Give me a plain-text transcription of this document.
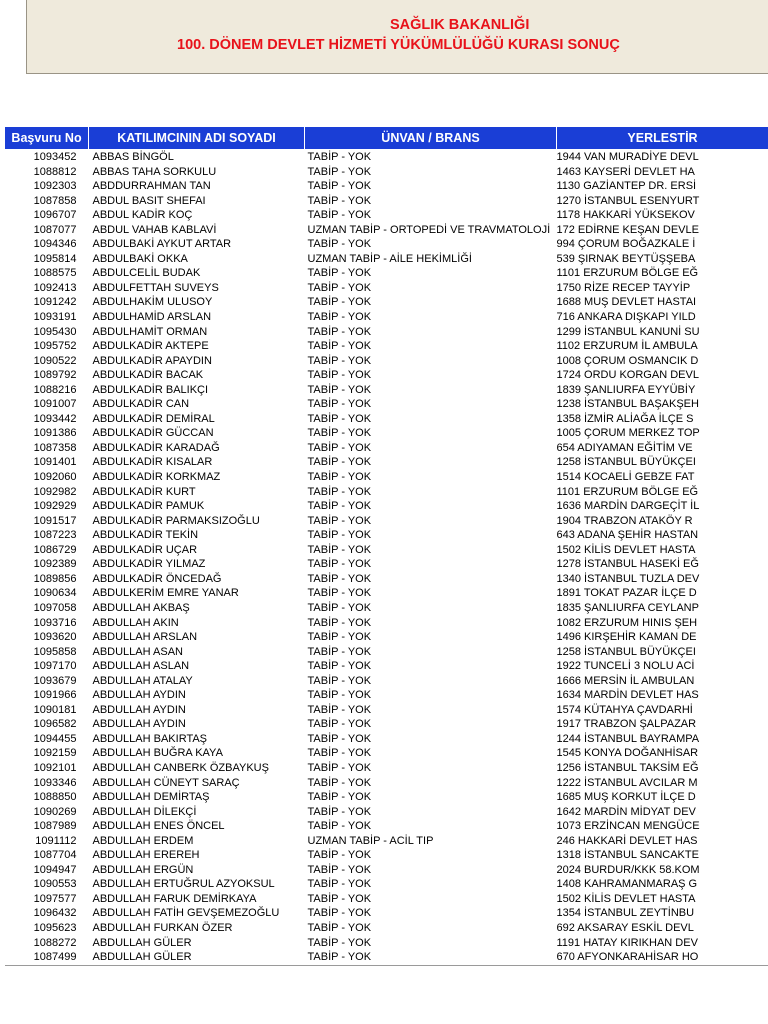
SAĞLIK BAKANLIĞI
100. DÖNEM DEVLET HİZMETİ YÜKÜMLÜLÜĞÜ KURASI SONUÇ
Başvuru No	KATILIMCININ ADI SOYADI	ÜNVAN / BRANS	YERLESTİR
1093452	ABBAS BİNGÖL	TABİP - YOK	1944 VAN MURADİYE DEVL
1088812	ABBAS TAHA SORKULU	TABİP - YOK	1463 KAYSERİ DEVLET HA
1092303	ABDDURRAHMAN TAN	TABİP - YOK	1130 GAZİANTEP DR. ERSİ
1087858	ABDUL BASIT SHEFAI	TABİP - YOK	1270 İSTANBUL ESENYURT
1096707	ABDUL KADİR KOÇ	TABİP - YOK	1178 HAKKARİ YÜKSEKOV
1087077	ABDUL VAHAB KABLAVİ	UZMAN TABİP - ORTOPEDİ VE TRAVMATOLOJİ	172 EDİRNE KEŞAN DEVLE
1094346	ABDULBAKİ AYKUT ARTAR	TABİP - YOK	994 ÇORUM BOĞAZKALE İ
1095814	ABDULBAKİ OKKA	UZMAN TABİP - AİLE HEKİMLİĞİ	539 ŞIRNAK BEYTÜŞŞEBA
1088575	ABDULCELİL BUDAK	TABİP - YOK	1101 ERZURUM BÖLGE EĞ
1092413	ABDULFETTAH SUVEYS	TABİP - YOK	1750 RİZE RECEP TAYYİP
1091242	ABDULHAKİM ULUSOY	TABİP - YOK	1688 MUŞ DEVLET HASTAI
1093191	ABDULHAMİD ARSLAN	TABİP - YOK	716 ANKARA DIŞKAPI YILD
1095430	ABDULHAMİT ORMAN	TABİP - YOK	1299 İSTANBUL KANUNİ SU
1095752	ABDULKADİR AKTEPE	TABİP - YOK	1102 ERZURUM İL AMBULA
1090522	ABDULKADİR APAYDIN	TABİP - YOK	1008 ÇORUM OSMANCIK D
1089792	ABDULKADİR BACAK	TABİP - YOK	1724 ORDU KORGAN DEVL
1088216	ABDULKADİR BALIKÇI	TABİP - YOK	1839 ŞANLIURFA EYYÜBİY
1091007	ABDULKADİR CAN	TABİP - YOK	1238 İSTANBUL BAŞAKŞEH
1093442	ABDULKADİR DEMİRAL	TABİP - YOK	1358 İZMİR ALİAĞA İLÇE S
1091386	ABDULKADİR GÜCCAN	TABİP - YOK	1005 ÇORUM MERKEZ TOP
1087358	ABDULKADİR KARADAĞ	TABİP - YOK	654 ADIYAMAN EĞİTİM VE
1091401	ABDULKADİR KISALAR	TABİP - YOK	1258 İSTANBUL BÜYÜKÇEI
1092060	ABDULKADİR KORKMAZ	TABİP - YOK	1514 KOCAELİ GEBZE FAT
1092982	ABDULKADİR KURT	TABİP - YOK	1101 ERZURUM BÖLGE EĞ
1092929	ABDULKADİR PAMUK	TABİP - YOK	1636 MARDİN DARGEÇİT İL
1091517	ABDULKADİR PARMAKSIZOĞLU	TABİP - YOK	1904 TRABZON ATAKÖY R
1087223	ABDULKADİR TEKİN	TABİP - YOK	643 ADANA ŞEHİR HASTAN
1086729	ABDULKADİR UÇAR	TABİP - YOK	1502 KİLİS DEVLET HASTA
1092389	ABDULKADİR YILMAZ	TABİP - YOK	1278 İSTANBUL HASEKİ EĞ
1089856	ABDULKADİR ÖNCEDAĞ	TABİP - YOK	1340 İSTANBUL TUZLA DEV
1090634	ABDULKERİM EMRE YANAR	TABİP - YOK	1891 TOKAT PAZAR İLÇE D
1097058	ABDULLAH AKBAŞ	TABİP - YOK	1835 ŞANLIURFA CEYLANP
1093716	ABDULLAH AKIN	TABİP - YOK	1082 ERZURUM HINIS ŞEH
1093620	ABDULLAH ARSLAN	TABİP - YOK	1496 KIRŞEHİR KAMAN DE
1095858	ABDULLAH ASAN	TABİP - YOK	1258 İSTANBUL BÜYÜKÇEI
1097170	ABDULLAH ASLAN	TABİP - YOK	1922 TUNCELİ 3 NOLU ACİ
1093679	ABDULLAH ATALAY	TABİP - YOK	1666 MERSİN İL AMBULAN
1091966	ABDULLAH AYDIN	TABİP - YOK	1634 MARDİN DEVLET HAS
1090181	ABDULLAH AYDIN	TABİP - YOK	1574 KÜTAHYA ÇAVDARHİ
1096582	ABDULLAH AYDIN	TABİP - YOK	1917 TRABZON ŞALPAZAR
1094455	ABDULLAH BAKIRTAŞ	TABİP - YOK	1244 İSTANBUL BAYRAMPA
1092159	ABDULLAH BUĞRA KAYA	TABİP - YOK	1545 KONYA DOĞANHİSAR
1092101	ABDULLAH CANBERK ÖZBAYKUŞ	TABİP - YOK	1256 İSTANBUL TAKSİM EĞ
1093346	ABDULLAH CÜNEYT SARAÇ	TABİP - YOK	1222 İSTANBUL AVCILAR M
1088850	ABDULLAH DEMİRTAŞ	TABİP - YOK	1685 MUŞ KORKUT İLÇE D
1090269	ABDULLAH DİLEKÇİ	TABİP - YOK	1642 MARDİN MİDYAT DEV
1087989	ABDULLAH ENES ÖNCEL	TABİP - YOK	1073 ERZİNCAN MENGÜCE
1091112	ABDULLAH ERDEM	UZMAN TABİP - ACİL TIP	246 HAKKARİ DEVLET HAS
1087704	ABDULLAH ERERЕН	TABİP - YOK	1318 İSTANBUL SANCAKTE
1094947	ABDULLAH ERGÜN	TABİP - YOK	2024 BURDUR/KKK 58.KOM
1090553	ABDULLAH ERTUĞRUL AZYOKSUL	TABİP - YOK	1408 KAHRAMANMARAŞ G
1097577	ABDULLAH FARUK DEMİRKAYA	TABİP - YOK	1502 KİLİS DEVLET HASTA
1096432	ABDULLAH FATİH GEVŞEMEZOĞLU	TABİP - YOK	1354 İSTANBUL ZEYTİNBU
1095623	ABDULLAH FURKAN ÖZER	TABİP - YOK	692 AKSARAY ESKİL DEVL
1088272	ABDULLAH GÜLER	TABİP - YOK	1191 HATAY KIRIKHAN DEV
1087499	ABDULLAH GÜLER	TABİP - YOK	670 AFYONKARAHİSAR HO
